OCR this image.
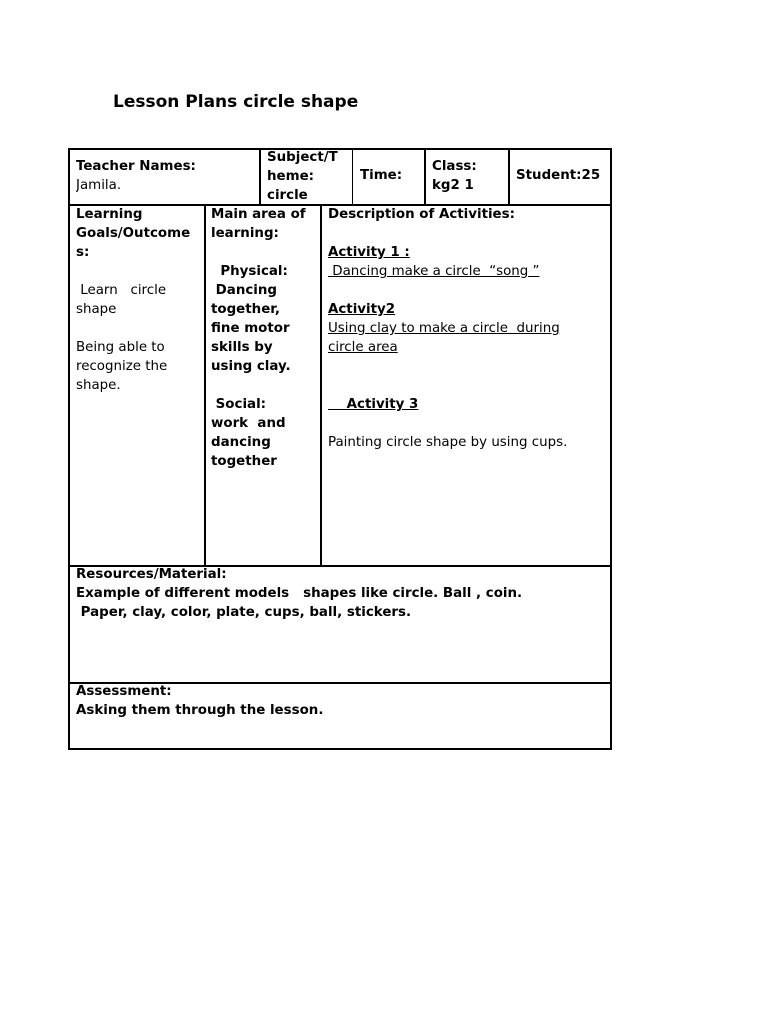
Lesson Plans circle shape
Teacher Names:
Jamila.
Subject/T
heme:
circle
Time:
Class:
kg2 1
Student:25
Learning
Goals/Outcome
s:
Learn   circle
shape
Being able to
recognize the
shape.
Main area of
learning:
Physical:
Dancing
together,
fine motor
skills by
using clay.
Social:
work  and
dancing
together
Description of Activities:
Activity 1 :
Dancing make a circle  “song ”
Activity2
Using clay to make a circle  during
circle area
Activity 3
Painting circle shape by using cups.
Resources/Material:
Example of different models   shapes like circle. Ball , coin.
Paper, clay, color, plate, cups, ball, stickers.
Assessment:
Asking them through the lesson.
